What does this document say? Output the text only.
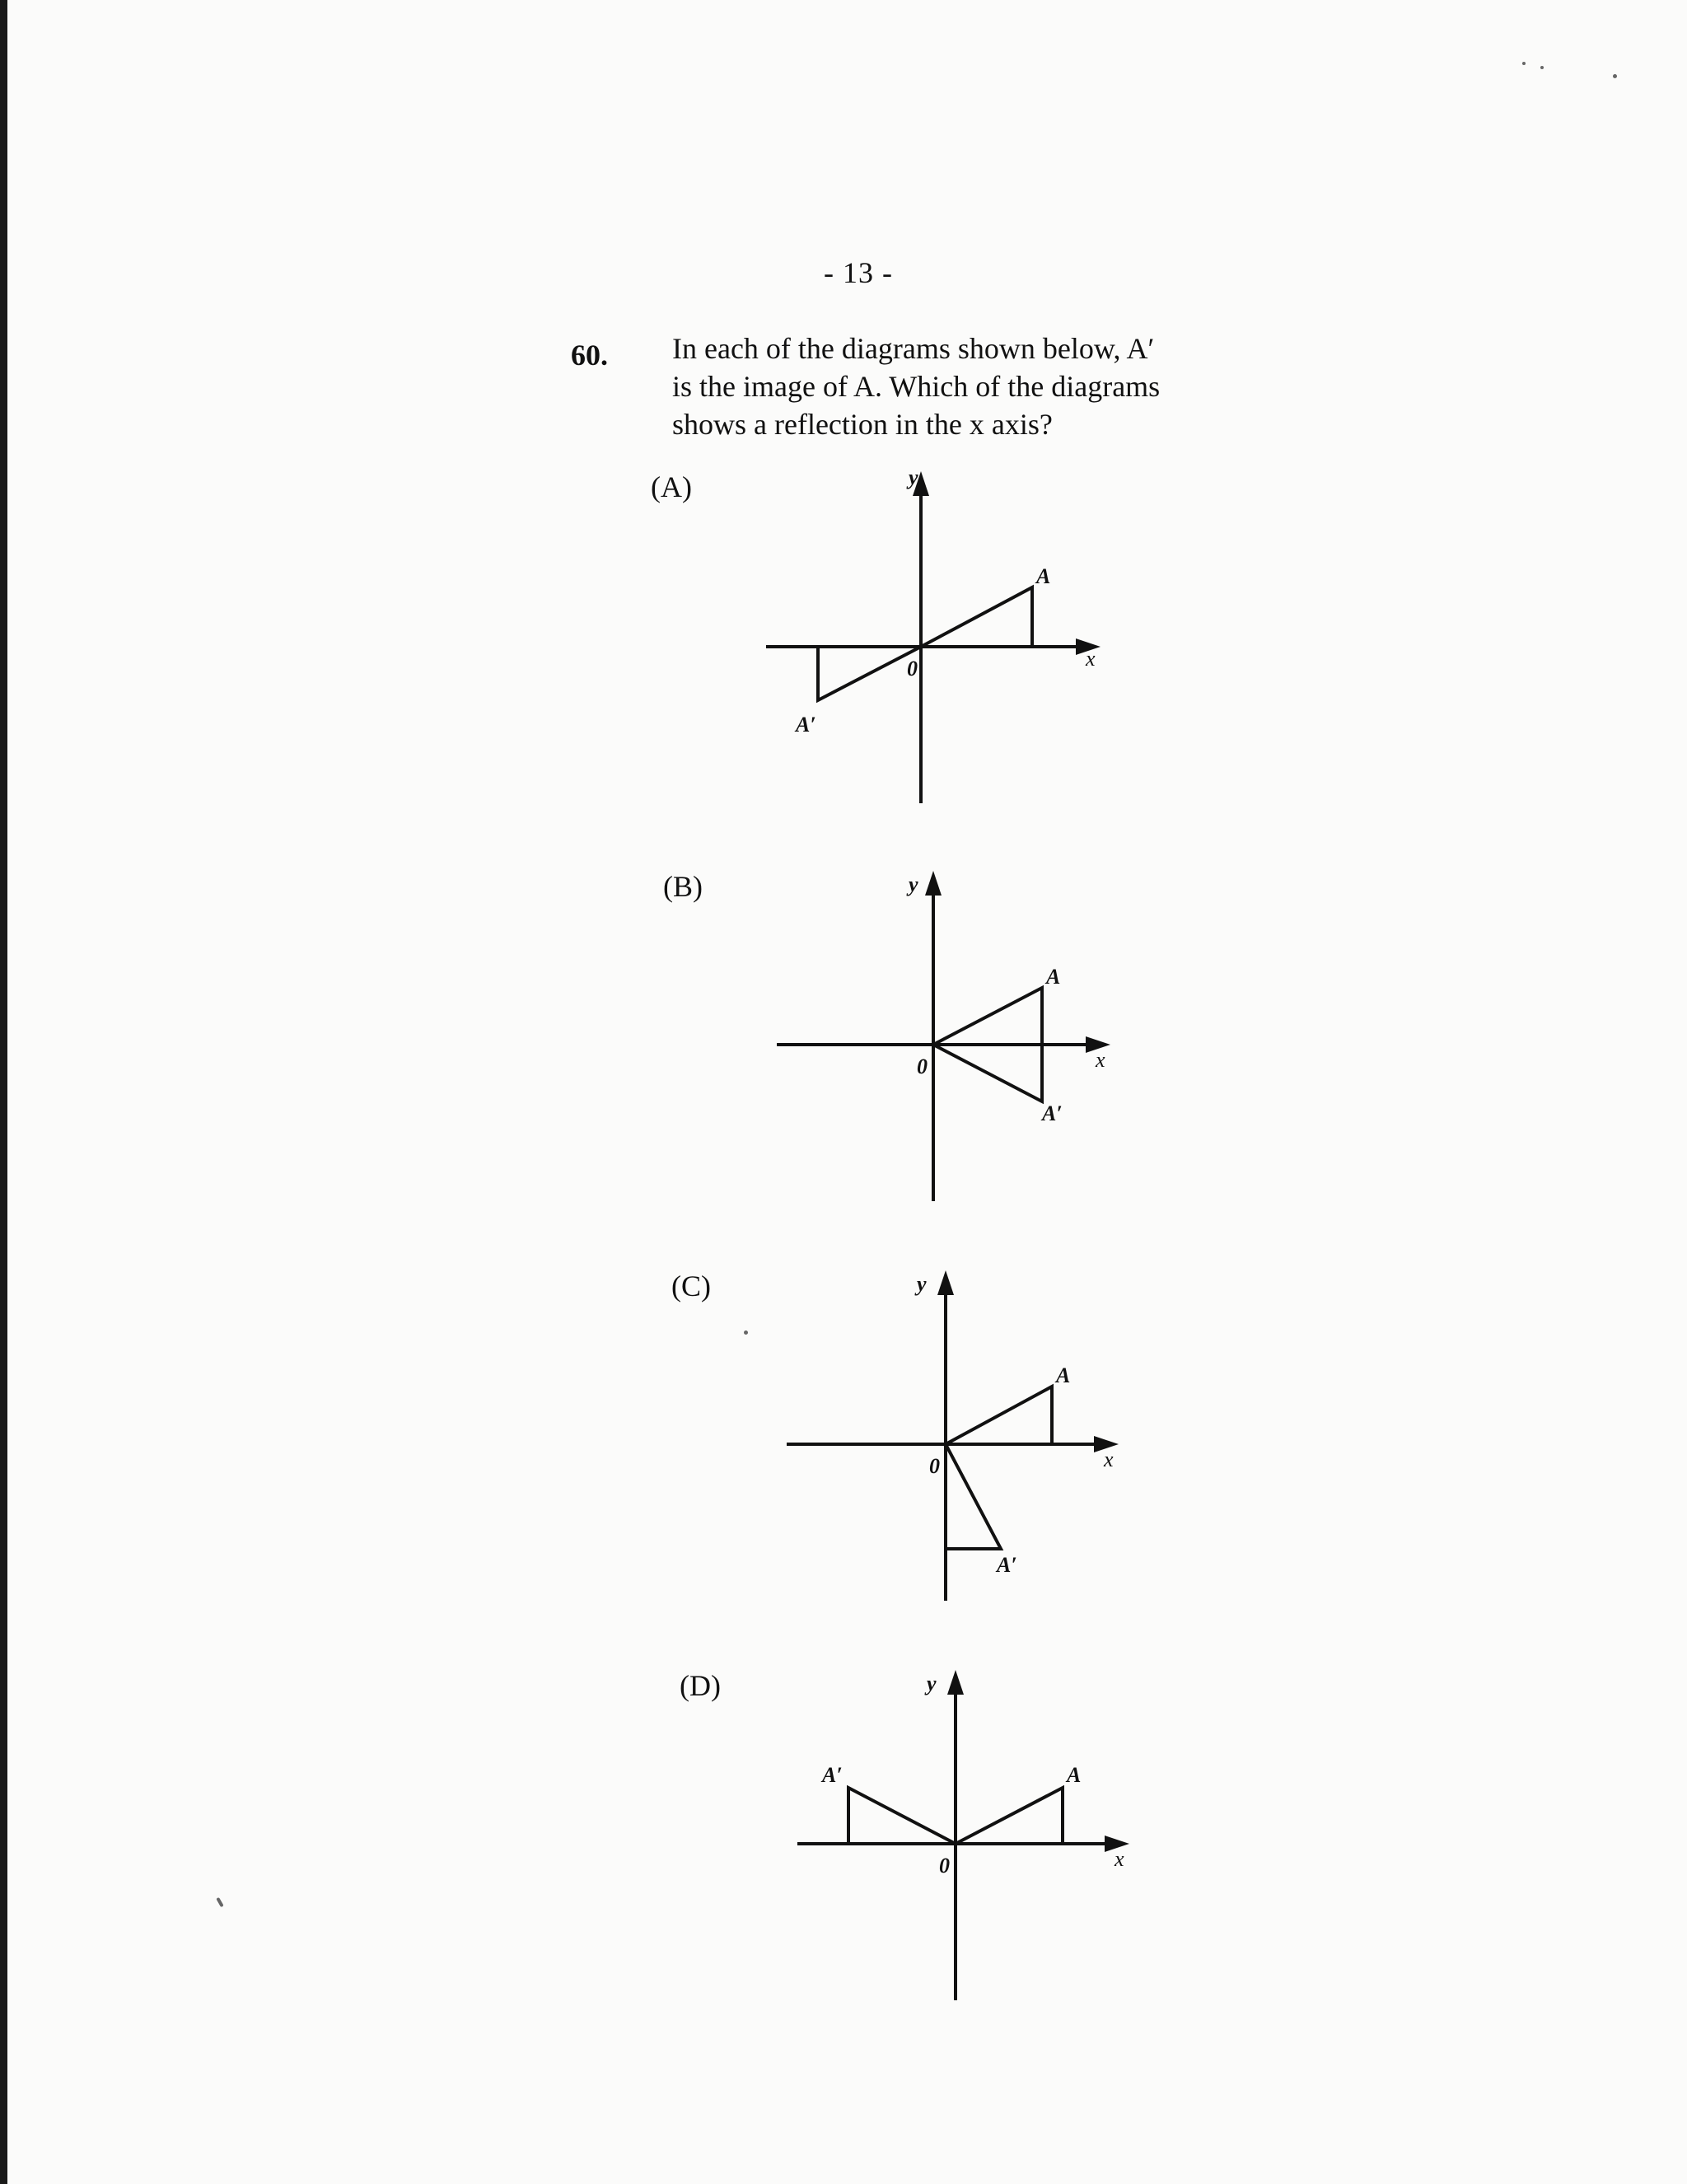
- 13 -
60. In each of the diagrams shown below, A′

is the image of A. Which of the diagrams

shows a reflection in the x axis?

(A)
(B)
(C)
(D)
y
x
0
A
A′
y
x
0
A
A′
y
x
0
A
A′
y
x
0
A
A′
